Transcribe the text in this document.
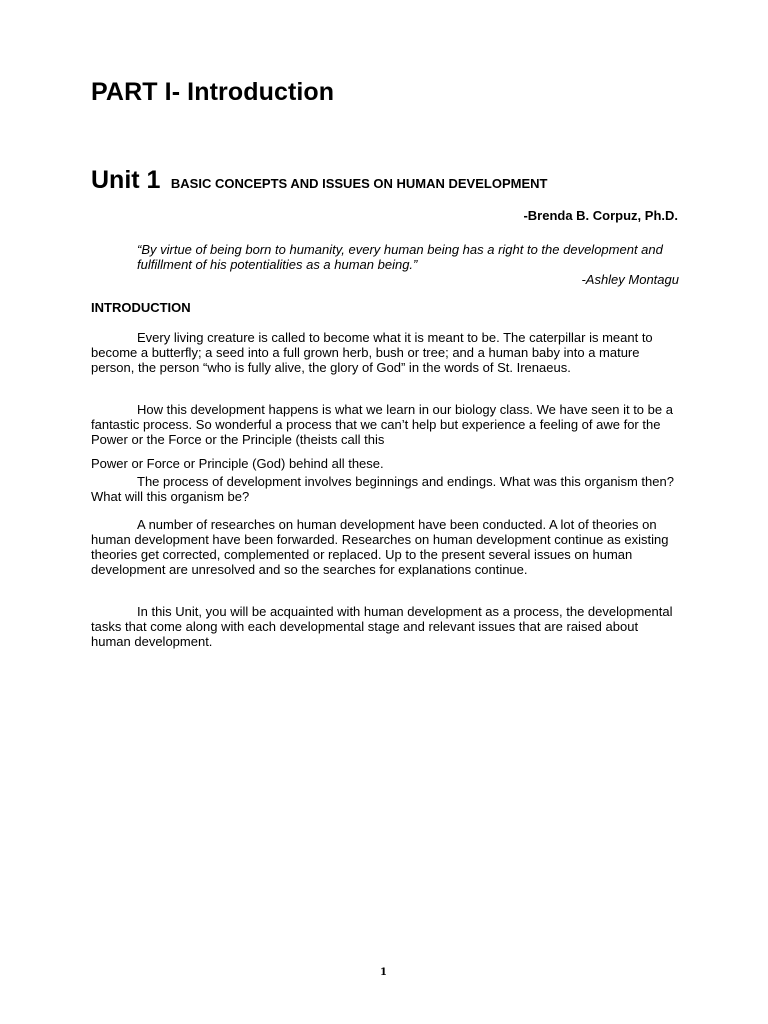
PART I- Introduction
Unit 1 BASIC CONCEPTS AND ISSUES ON HUMAN DEVELOPMENT
-Brenda B. Corpuz, Ph.D.
“By virtue of being born to humanity, every human being has a right to the development and fulfillment of his potentialities as a human being.”
-Ashley Montagu
INTRODUCTION

Every living creature is called to become what it is meant to be. The caterpillar is meant to become a butterfly; a seed into a full grown herb, bush or tree; and a human baby into a mature person, the person “who is fully alive, the glory of God” in the words of St. Irenaeus.

How this development happens is what we learn in our biology class. We have seen it to be a fantastic process. So wonderful a process that we can’t help but experience a feeling of awe for the Power or the Force or the Principle (theists call this

Power or Force or Principle (God) behind all these.

The process of development involves beginnings and endings. What was this organism then? What will this organism be?

A number of researches on human development have been conducted. A lot of theories on human development have been forwarded. Researches on human development continue as existing theories get corrected, complemented or replaced. Up to the present several issues on human development are unresolved and so the searches for explanations continue.

In this Unit, you will be acquainted with human development as a process, the developmental tasks that come along with each developmental stage and relevant issues that are raised about human development.

1
